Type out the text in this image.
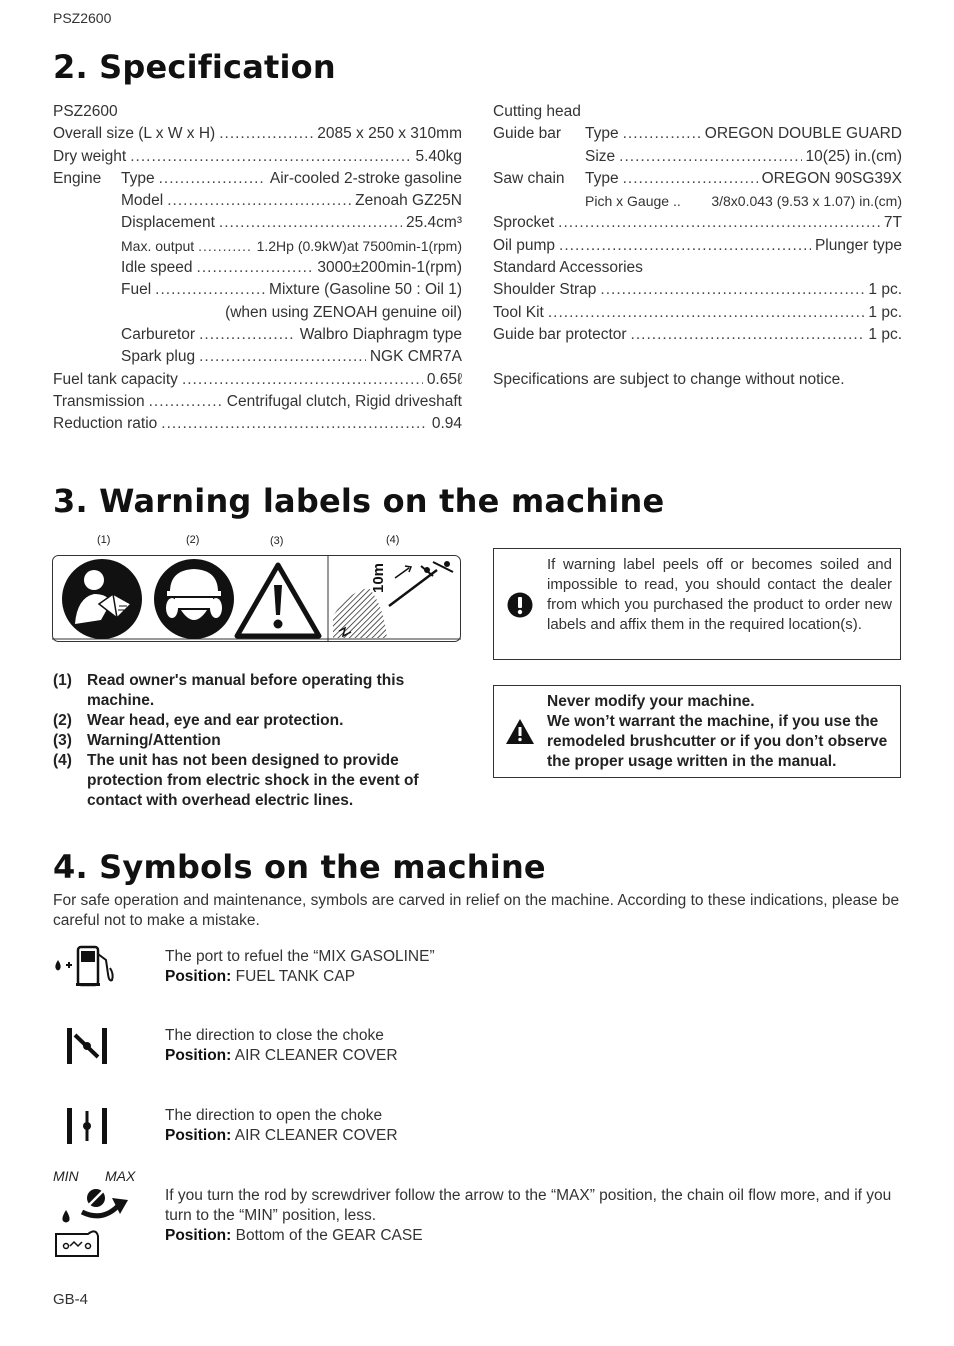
PSZ2600
2. Specification
PSZ2600
Overall size (L x W x H) .....	2085 x 250 x 310mm
Dry weight .....	5.40kg
Engine	Type .....	Air-cooled 2-stroke gasoline
Model .....	Zenoah GZ25N
Displacement .....	25.4cm³
Max. output .....	1.2Hp (0.9kW)at 7500min-1(rpm)
Idle speed .....	3000±200min-1(rpm)
Fuel .....	Mixture (Gasoline 50 : Oil 1)
(when using ZENOAH genuine oil)
Carburetor .....	Walbro Diaphragm type
Spark plug .....	NGK CMR7A
Fuel tank capacity .....	0.65ℓ
Transmission .....	Centrifugal clutch, Rigid driveshaft
Reduction ratio .....	0.94
Cutting head
Guide bar	Type .....	OREGON DOUBLE GUARD
Size .....	10(25) in.(cm)
Saw chain	Type .....	OREGON 90SG39X
Pich x Gauge .. 3/8x0.043 (9.53 x 1.07) in.(cm)
Sprocket .....	7T
Oil pump .....	Plunger type
Standard Accessories
Shoulder Strap .....	1 pc.
Tool Kit .....	1 pc.
Guide bar protector .....	1 pc.
Specifications are subject to change without notice.
3. Warning labels on the machine
(1)	(2)	(3)	(4)
10m
(1) Read owner's manual before operating this machine.
(2) Wear head, eye and ear protection.
(3) Warning/Attention
(4) The unit has not been designed to provide protection from electric shock in the event of contact with overhead electric lines.
If warning label peels off or becomes soiled and impossible to read, you should contact the dealer from which you purchased the product to order new labels and affix them in the required location(s).
Never modify your machine.
We won’t warrant the machine, if you use the remodeled brushcutter or if you don’t observe the proper usage written in the manual.
4. Symbols on the machine
For safe operation and maintenance, symbols are carved in relief on the machine. According to these indications, please be careful not to make a mistake.
The port to refuel the “MIX GASOLINE”
Position: FUEL TANK CAP
The direction to close the choke
Position: AIR CLEANER COVER
The direction to open the choke
Position: AIR CLEANER COVER
MIN MAX
If you turn the rod by screwdriver follow the arrow to the “MAX” position, the chain oil flow more, and if you turn to the “MIN” position, less.
Position: Bottom of the GEAR CASE
GB-4
